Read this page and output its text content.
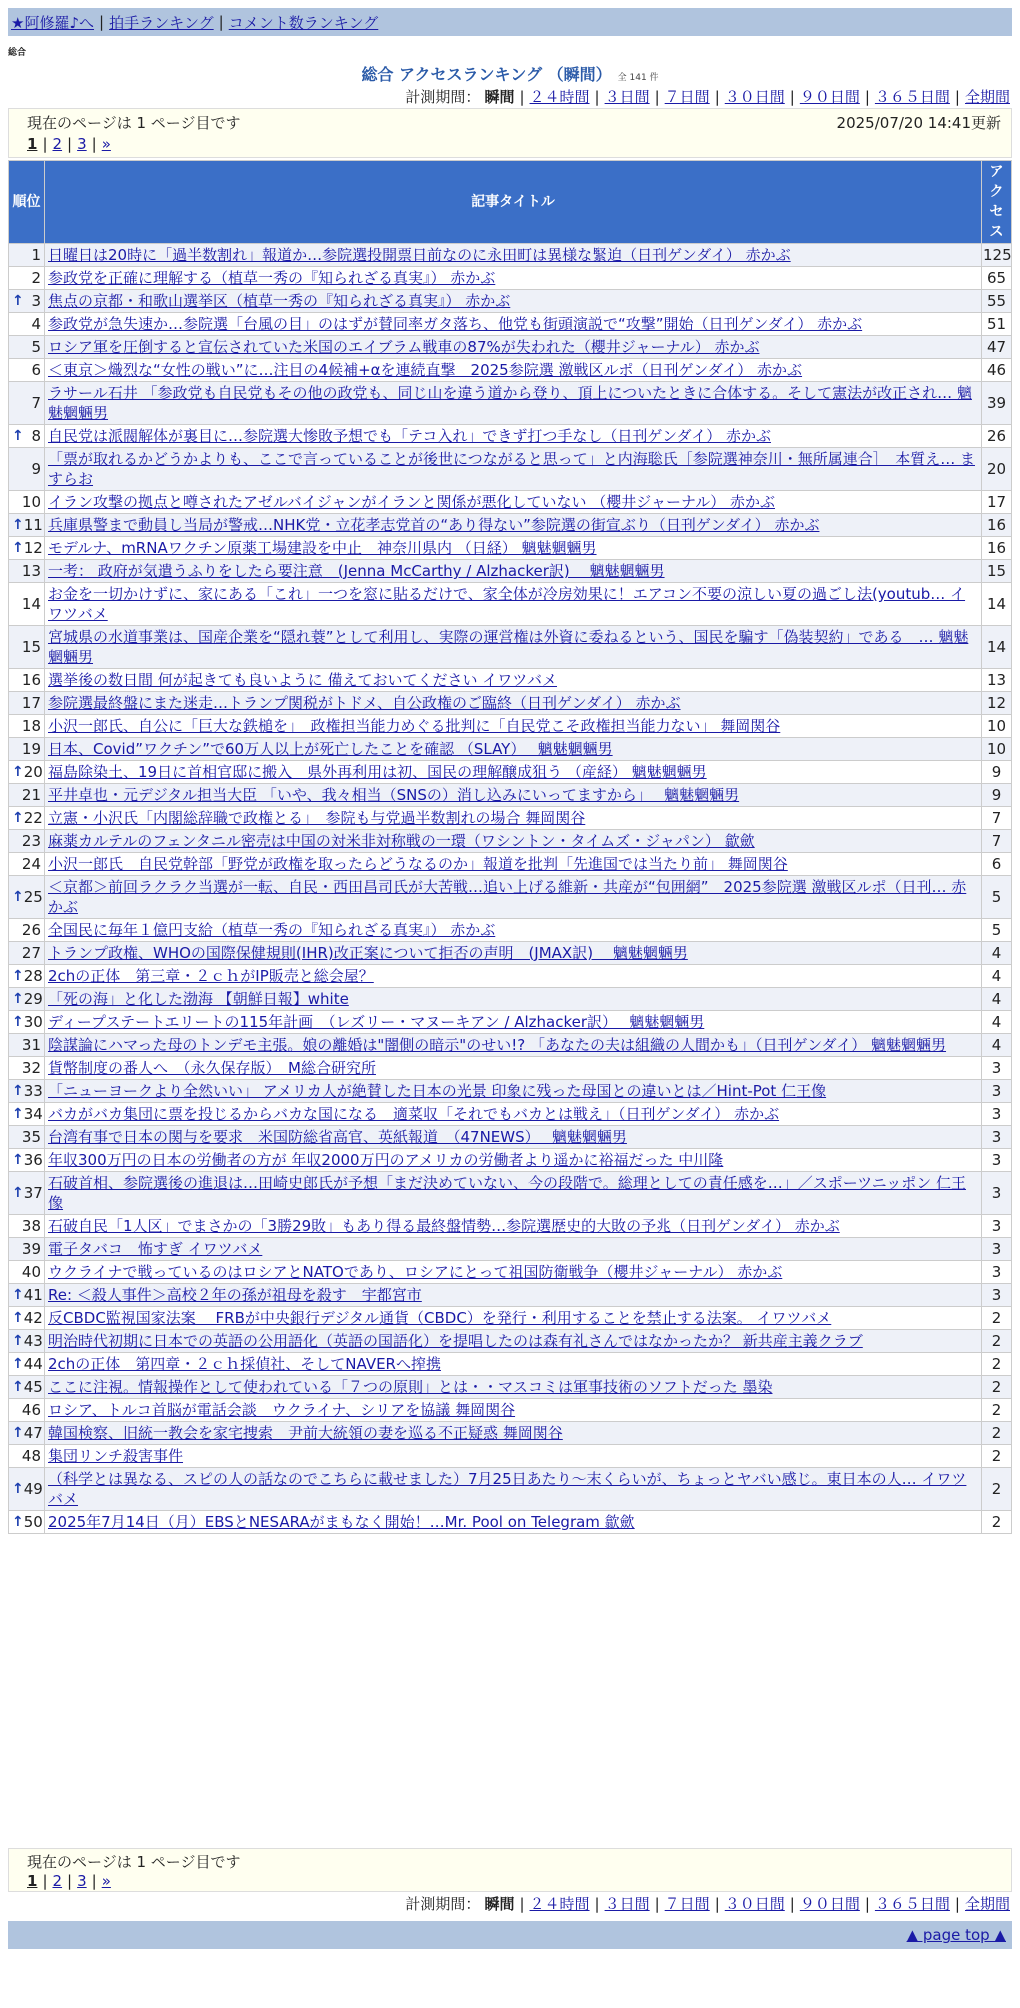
★阿修羅♪へ | 拍手ランキング | コメント数ランキング
総合
総合 アクセスランキング （瞬間） 全 141 件
計測期間： 瞬間 | ２４時間 | ３日間 | ７日間 | ３０日間 | ９０日間 | ３６５日間 | 全期間
現在のページは 1 ページ目です	2025/07/20 14:41更新
1 | 2 | 3 | »
順位	記事タイトル	アクセス
1	日曜日は20時に「過半数割れ」報道か…参院選投開票日前なのに永田町は異様な緊迫（日刊ゲンダイ） 赤かぶ	125
2	参政党を正確に理解する（植草一秀の『知られざる真実』） 赤かぶ	65

↑ 3	焦点の京都・和歌山選挙区（植草一秀の『知られざる真実』） 赤かぶ	55
4	参政党が急失速か…参院選「台風の目」のはずが賛同率ガタ落ち、他党も街頭演説で“攻撃”開始（日刊ゲンダイ） 赤かぶ	51
5	ロシア軍を圧倒すると宣伝されていた米国のエイブラム戦車の87%が失われた（櫻井ジャーナル） 赤かぶ	47
6	＜東京＞熾烈な“女性の戦い”に…注目の4候補+αを連続直撃　2025参院選 激戦区ルポ（日刊ゲンダイ） 赤かぶ	46
7	ラサール石井 「参政党も自民党もその他の政党も、同じ山を違う道から登り、頂上についたときに合体する。そして憲法が改正され… 魑魅魍魎男	39

↑ 8	自民党は派閥解体が裏目に…参院選大惨敗予想でも「テコ入れ」できず打つ手なし（日刊ゲンダイ） 赤かぶ	26
9	「票が取れるかどうかよりも、ここで言っていることが後世につながると思って」と内海聡氏［参院選神奈川・無所属連合］　本質え… ますらお	20
10	イラン攻撃の拠点と噂されたアゼルバイジャンがイランと関係が悪化していない （櫻井ジャーナル） 赤かぶ	17

↑ 11	兵庫県警まで動員し当局が警戒…NHK党・立花孝志党首の“あり得ない”参院選の街宣ぶり（日刊ゲンダイ） 赤かぶ	16

↑ 12	モデルナ、mRNAワクチン原薬工場建設を中止　神奈川県内 （日経） 魑魅魍魎男	16
13	一考： 政府が気遣うふりをしたら要注意　(Jenna McCarthy / Alzhacker訳)　 魑魅魍魎男	15
14	お金を一切かけずに、家にある「これ」一つを窓に貼るだけで、家全体が冷房効果に！エアコン不要の涼しい夏の過ごし法(youtub… イワツバメ	14
15	宮城県の水道事業は、国産企業を“隠れ蓑”として利用し、実際の運営権は外資に委ねるという、国民を騙す「偽装契約」である　… 魑魅魍魎男	14
16	選挙後の数日間 何が起きても良いように 備えておいてください イワツバメ	13
17	参院選最終盤にまた迷走…トランプ関税がトドメ、自公政権のご臨終（日刊ゲンダイ） 赤かぶ	12
18	小沢一郎氏、自公に「巨大な鉄槌を」　政権担当能力めぐる批判に「自民党こそ政権担当能力ない」 舞岡関谷	10
19	日本、Covid”ワクチン”で60万人以上が死亡したことを確認 （SLAY）　 魑魅魍魎男	10

↑ 20	福島除染土、19日に首相官邸に搬入　県外再利用は初、国民の理解醸成狙う （産経） 魑魅魍魎男	9
21	平井卓也・元デジタル担当大臣 「いや、我々相当（SNSの）消し込みにいってますから」　 魑魅魍魎男	9

↑ 22	立憲・小沢氏「内閣総辞職で政権とる」　参院も与党過半数割れの場合 舞岡関谷	7
23	麻薬カルテルのフェンタニル密売は中国の対米非対称戦の一環（ワシントン・タイムズ・ジャパン） 歙歛	7
24	小沢一郎氏　自民党幹部「野党が政権を取ったらどうなるのか」報道を批判「先進国では当たり前」 舞岡関谷	6

↑ 25	＜京都＞前回ラクラク当選が一転、自民・西田昌司氏が大苦戦…追い上げる維新・共産が“包囲網”　2025参院選 激戦区ルポ（日刊… 赤かぶ	5
26	全国民に毎年１億円支給（植草一秀の『知られざる真実』） 赤かぶ	5
27	トランプ政権、WHOの国際保健規則(IHR)改正案について拒否の声明　(JMAX訳)　 魑魅魍魎男	4

↑ 28	2chの正体　第三章・２ｃｈがIP販売と総会屋？	4

↑ 29	「死の海」と化した渤海 【朝鮮日報】white	4

↑ 30	ディープステートエリートの115年計画　（レズリー・マヌーキアン / Alzhacker訳）　 魑魅魍魎男	4
31	陰謀論にハマった母のトンデモ主張。娘の離婚は"闇側の暗示"のせい!? 「あなたの夫は組織の人間かも」（日刊ゲンダイ） 魑魅魍魎男	4
32	貨幣制度の番人へ　（永久保存版）　M総合研究所	3

↑ 33	「ニューヨークより全然いい」 アメリカ人が絶賛した日本の光景 印象に残った母国との違いとは／Hint-Pot 仁王像	3

↑ 34	バカがバカ集団に票を投じるからバカな国になる　適菜収「それでもバカとは戦え」（日刊ゲンダイ） 赤かぶ	3
35	台湾有事で日本の関与を要求　米国防総省高官、英紙報道　（47NEWS）　 魑魅魍魎男	3

↑ 36	年収300万円の日本の労働者の方が 年収2000万円のアメリカの労働者より遥かに裕福だった 中川隆	3

↑ 37	石破首相、参院選後の進退は…田崎史郎氏が予想「まだ決めていない、今の段階で。総理としての責任感を…」／スポーツニッポン 仁王像	3
38	石破自民「1人区」でまさかの「3勝29敗」もあり得る最終盤情勢…参院選歴史的大敗の予兆（日刊ゲンダイ） 赤かぶ	3
39	電子タバコ　怖すぎ イワツバメ	3
40	ウクライナで戦っているのはロシアとNATOであり、ロシアにとって祖国防衛戦争（櫻井ジャーナル） 赤かぶ	3

↑ 41	Re: ＜殺人事件＞高校２年の孫が祖母を殺す　宇都宮市	3

↑ 42	反CBDC監視国家法案　 FRBが中央銀行デジタル通貨（CBDC）を発行・利用することを禁止する法案。 イワツバメ	2

↑ 43	明治時代初期に日本での英語の公用語化（英語の国語化）を提唱したのは森有礼さんではなかったか？ 新共産主義クラブ	2

↑ 44	2chの正体　第四章・２ｃｈ採偵社、そしてNAVERへ搾携	2

↑ 45	ここに注視。情報操作として使われている「７つの原則」とは・・マスコミは軍事技術のソフトだった 墨染	2
46	ロシア、トルコ首脳が電話会談　ウクライナ、シリアを協議 舞岡関谷	2

↑ 47	韓国検察、旧統一教会を家宅捜索　尹前大統領の妻を巡る不正疑惑 舞岡関谷	2
48	集団リンチ殺害事件	2

↑ 49	（科学とは異なる、スピの人の話なのでこちらに載せました）7月25日あたり～末くらいが、ちょっとヤバい感じ。東日本の人… イワツバメ	2

↑ 50	2025年7月14日（月）EBSとNESARAがまもなく開始！…Mr. Pool on Telegram 歙歛	2
現在のページは 1 ページ目です
1 | 2 | 3 | »
計測期間： 瞬間 | ２４時間 | ３日間 | ７日間 | ３０日間 | ９０日間 | ３６５日間 | 全期間
▲ page top ▲
